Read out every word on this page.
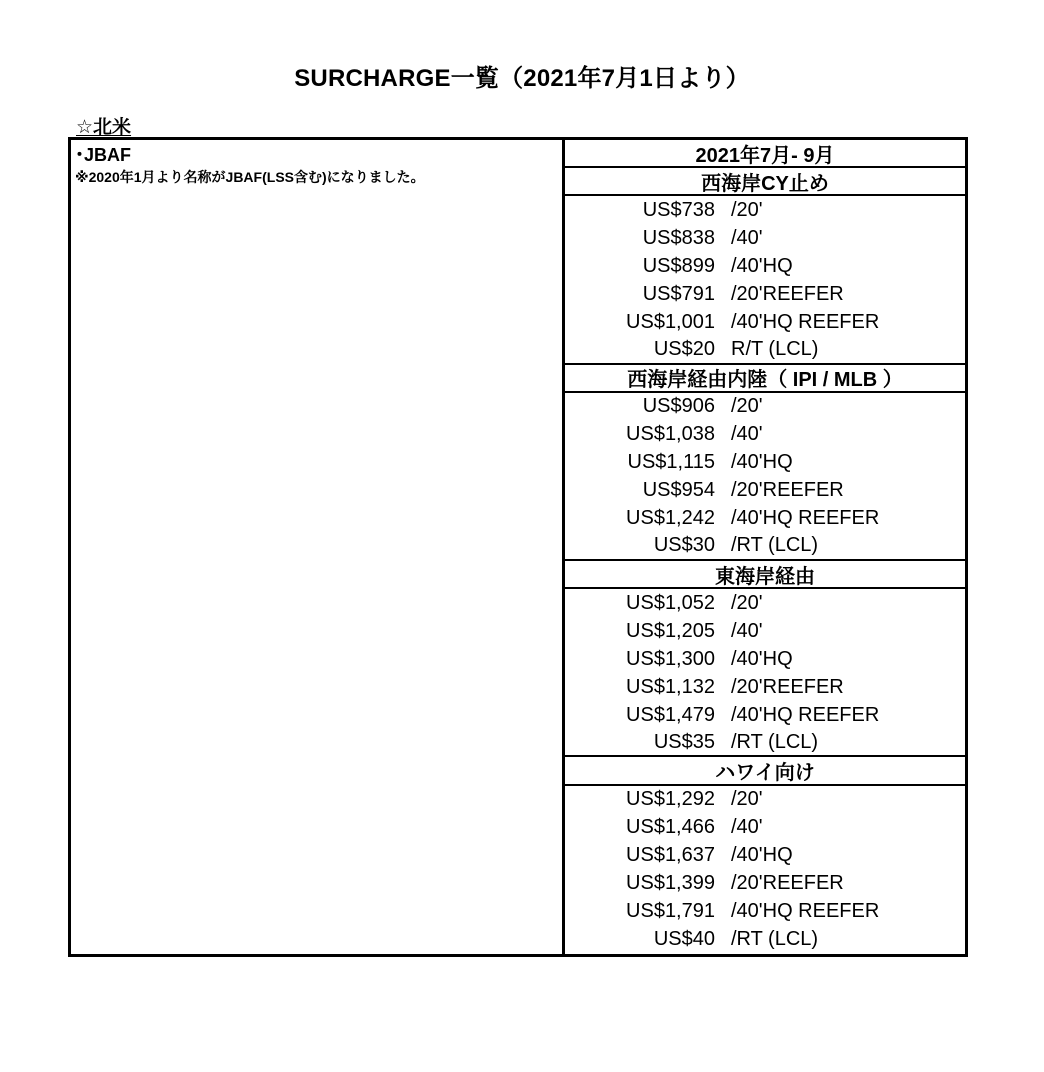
SURCHARGE一覧（2021年7月1日より）
☆北米
･JBAF
※2020年1月より名称がJBAF(LSS含む)になりました。
2021年7月- 9月
西海岸CY止め
US$738 /20'
US$838 /40'
US$899 /40'HQ
US$791 /20'REEFER
US$1,001 /40'HQ REEFER
US$20 R/T (LCL)
西海岸経由内陸（ IPI / MLB ）
US$906 /20'
US$1,038 /40'
US$1,115 /40'HQ
US$954 /20'REEFER
US$1,242 /40'HQ REEFER
US$30 /RT (LCL)
東海岸経由
US$1,052 /20'
US$1,205 /40'
US$1,300 /40'HQ
US$1,132 /20'REEFER
US$1,479 /40'HQ REEFER
US$35 /RT (LCL)
ハワイ向け
US$1,292 /20'
US$1,466 /40'
US$1,637 /40'HQ
US$1,399 /20'REEFER
US$1,791 /40'HQ REEFER
US$40 /RT (LCL)
